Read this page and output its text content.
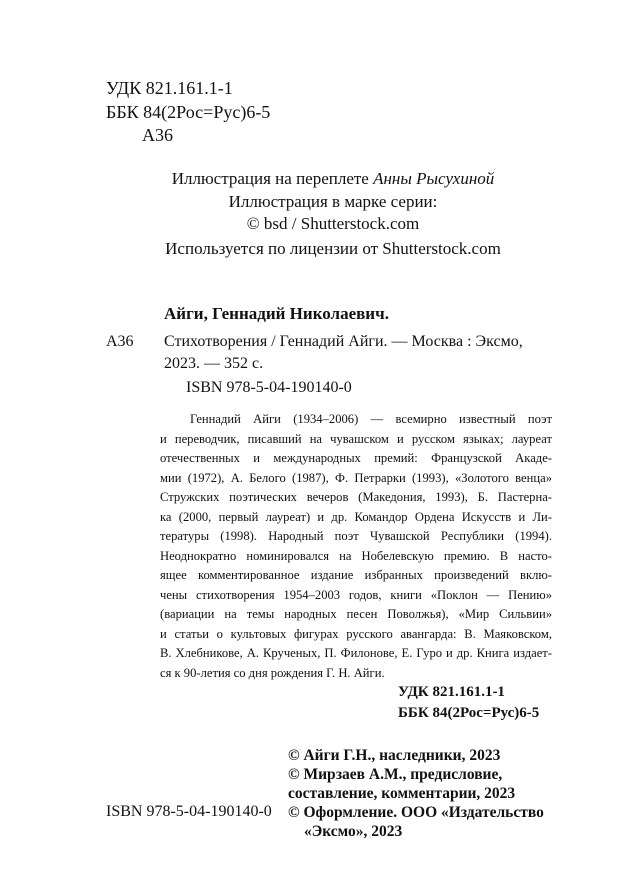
УДК 821.161.1-1
ББК 84(2Рос=Рус)6-5
А36
Иллюстрация на переплете Анны Рысухиной
Иллюстрация в марке серии:
© bsd / Shutterstock.com
Используется по лицензии от Shutterstock.com
Айги, Геннадий Николаевич.
А36 Стихотворения / Геннадий Айги. — Москва : Эксмо,
2023. — 352 с.
ISBN 978-5-04-190140-0
Геннадий Айги (1934–2006) — всемирно известный поэт
и переводчик, писавший на чувашском и русском языках; лауреат
отечественных и международных премий: Французской Акаде-
мии (1972), А. Белого (1987), Ф. Петрарки (1993), «Золотого венца»
Стружских поэтических вечеров (Македония, 1993), Б. Пастерна-
ка (2000, первый лауреат) и др. Командор Ордена Искусств и Ли-
тературы (1998). Народный поэт Чувашской Республики (1994).
Неоднократно номинировался на Нобелевскую премию. В насто-
ящее комментированное издание избранных произведений вклю-
чены стихотворения 1954–2003 годов, книги «Поклон — Пению»
(вариации на темы народных песен Поволжья), «Мир Сильвии»
и статьи о культовых фигурах русского авангарда: В. Маяковском,
В. Хлебникове, А. Крученых, П. Филонове, Е. Гуро и др. Книга издает-
ся к 90-летия со дня рождения Г. Н. Айги.
УДК 821.161.1-1
ББК 84(2Рос=Рус)6-5
© Айги Г.Н., наследники, 2023
© Мирзаев А.М., предисловие,
составление, комментарии, 2023
© Оформление. ООО «Издательство
«Эксмо», 2023
ISBN 978-5-04-190140-0
